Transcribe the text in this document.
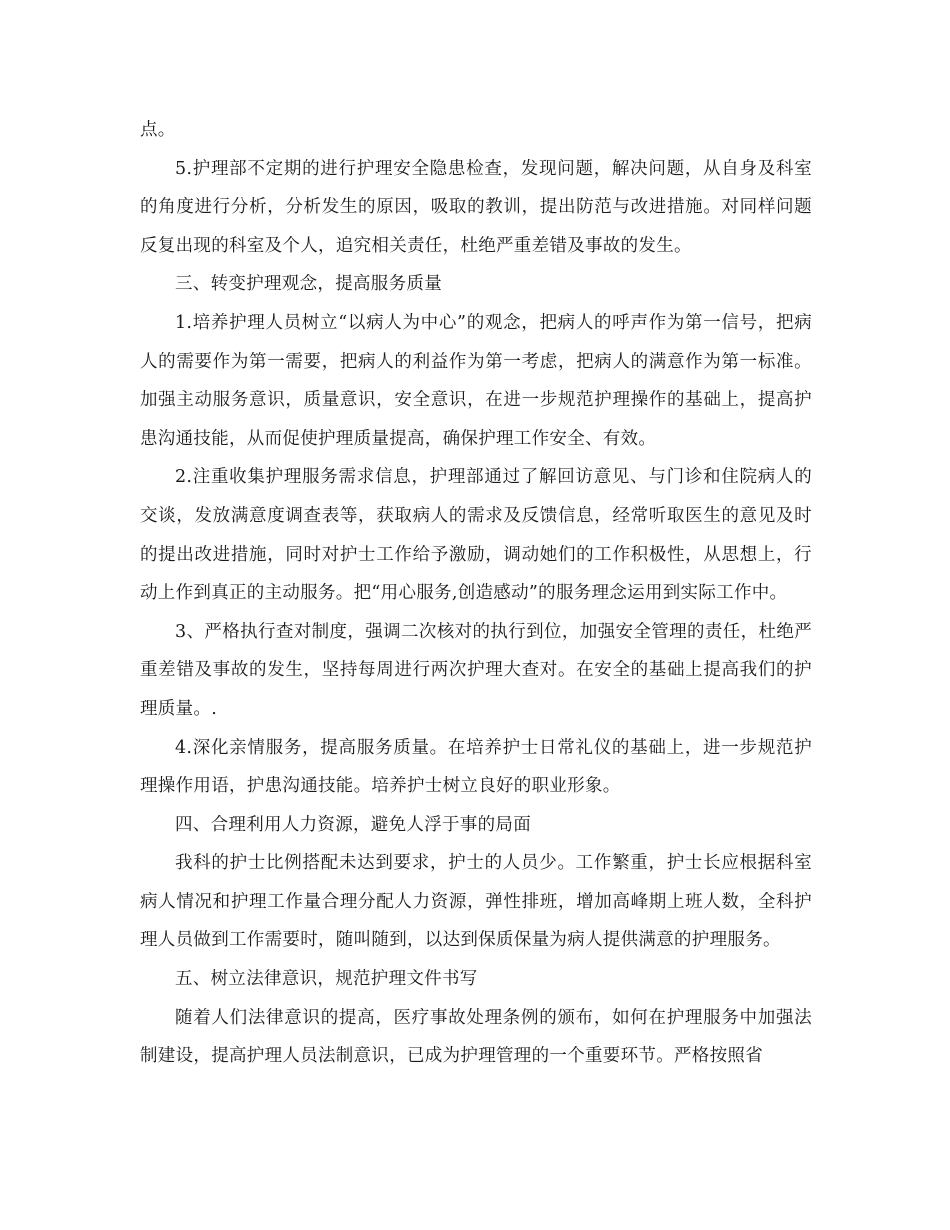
点。

5.护理部不定期的进行护理安全隐患检查，发现问题，解决问题，从自身及科室的角度进行分析，分析发生的原因，吸取的教训，提出防范与改进措施。对同样问题反复出现的科室及个人，追究相关责任，杜绝严重差错及事故的发生。

三、转变护理观念，提高服务质量

1.培养护理人员树立“以病人为中心”的观念，把病人的呼声作为第一信号，把病人的需要作为第一需要，把病人的利益作为第一考虑，把病人的满意作为第一标准。加强主动服务意识，质量意识，安全意识，在进一步规范护理操作的基础上，提高护患沟通技能，从而促使护理质量提高，确保护理工作安全、有效。

2.注重收集护理服务需求信息，护理部通过了解回访意见、与门诊和住院病人的交谈，发放满意度调查表等，获取病人的需求及反馈信息，经常听取医生的意见及时的提出改进措施，同时对护士工作给予激励，调动她们的工作积极性，从思想上，行动上作到真正的主动服务。把“用心服务,创造感动”的服务理念运用到实际工作中。

3、严格执行查对制度，强调二次核对的执行到位，加强安全管理的责任，杜绝严重差错及事故的发生，坚持每周进行两次护理大查对。在安全的基础上提高我们的护理质量。.

4.深化亲情服务，提高服务质量。在培养护士日常礼仪的基础上，进一步规范护理操作用语，护患沟通技能。培养护士树立良好的职业形象。

四、合理利用人力资源，避免人浮于事的局面

我科的护士比例搭配未达到要求，护士的人员少。工作繁重，护士长应根据科室病人情况和护理工作量合理分配人力资源，弹性排班，增加高峰期上班人数，全科护理人员做到工作需要时，随叫随到，以达到保质保量为病人提供满意的护理服务。

五、树立法律意识，规范护理文件书写

随着人们法律意识的提高，医疗事故处理条例的颁布，如何在护理服务中加强法制建设，提高护理人员法制意识，已成为护理管理的一个重要环节。严格按照省
